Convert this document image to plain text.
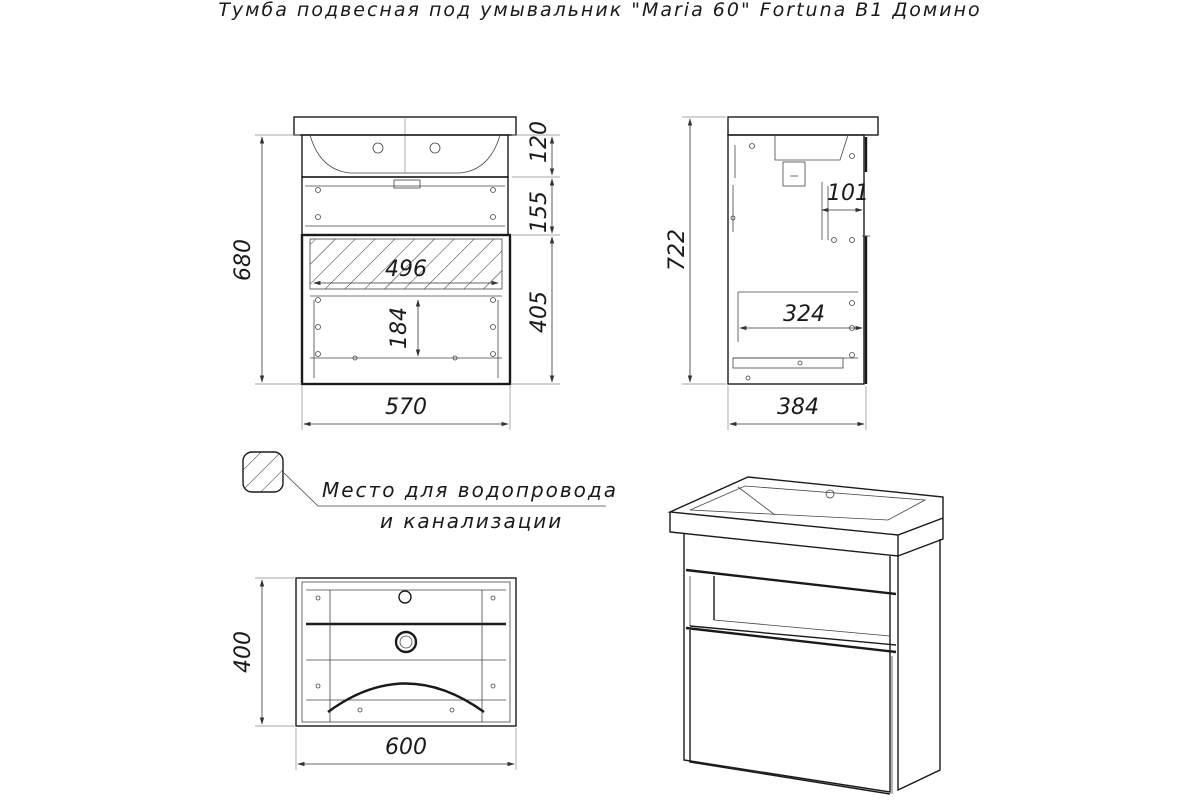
Тумба подвесная под умывальник "Maria 60" Fortuna B1 Домино
496
184
680
120
155
405
570
101
324
722
384
Место для водопровода
и канализации
400
600
